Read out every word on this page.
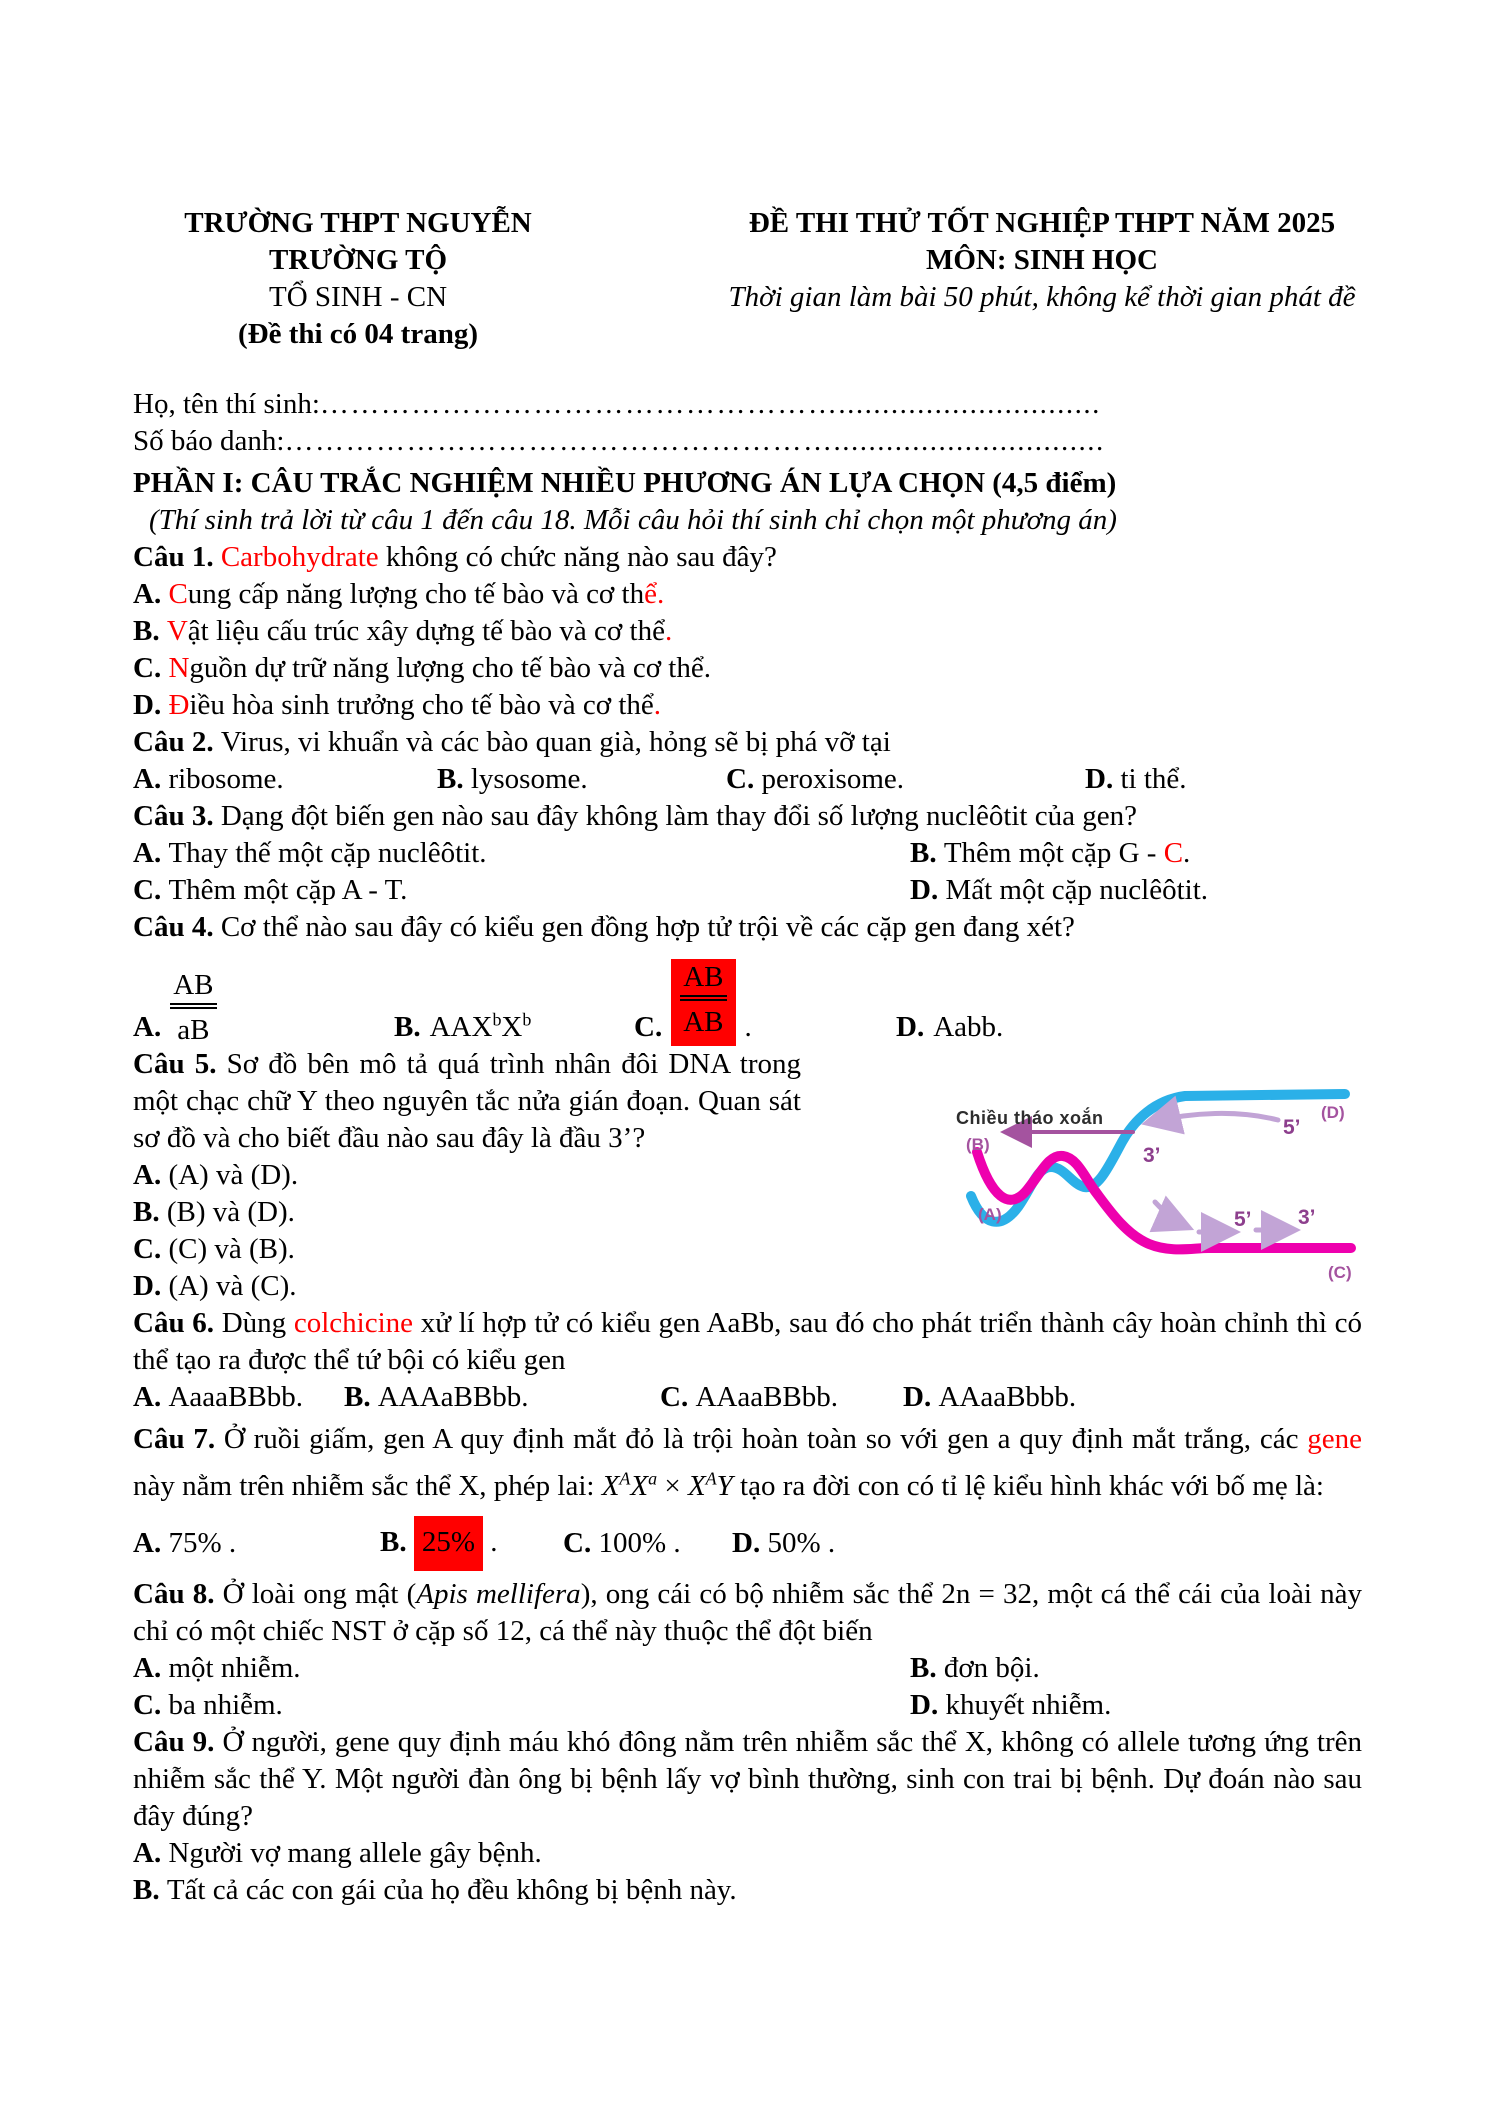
TRƯỜNG THPT NGUYỄN TRƯỜNG TỘ

TỔ SINH - CN

(Đề thi có 04 trang)

ĐỀ THI THỬ TỐT NGHIỆP THPT NĂM 2025

MÔN: SINH HỌC

Thời gian làm bài 50 phút, không kể thời gian phát đề

Họ, tên thí sinh:……………………………………………..............................

Số báo danh:………………………………………………...............................

PHẦN I: CÂU TRẮC NGHIỆM NHIỀU PHƯƠNG ÁN LỰA CHỌN (4,5 điểm)

(Thí sinh trả lời từ câu 1 đến câu 18. Mỗi câu hỏi thí sinh chỉ chọn một phương án)

Câu 1. Carbohydrate không có chức năng nào sau đây?

A. Cung cấp năng lượng cho tế bào và cơ thể.

B. Vật liệu cấu trúc xây dựng tế bào và cơ thể.

C. Nguồn dự trữ năng lượng cho tế bào và cơ thể.

D. Điều hòa sinh trưởng cho tế bào và cơ thể.

Câu 2. Virus, vi khuẩn và các bào quan già, hỏng sẽ bị phá vỡ tại

A. ribosome.	B. lysosome.	C. peroxisome.	D. ti thể.

Câu 3. Dạng đột biến gen nào sau đây không làm thay đổi số lượng nuclêôtit của gen?

A. Thay thế một cặp nuclêôtit.	B. Thêm một cặp G - C.
C. Thêm một cặp A - T.	D. Mất một cặp nuclêôtit.

Câu 4. Cơ thể nào sau đây có kiểu gen đồng hợp tử trội về các cặp gen đang xét?

A. $\frac{AB}{aB}$	B. $AAX^bX^b$	C. $\frac{AB}{AB}$ .	D. Aabb.

Câu 5. Sơ đồ bên mô tả quá trình nhân đôi DNA trong một chạc chữ Y theo nguyên tắc nửa gián đoạn. Quan sát sơ đồ và cho biết đầu nào sau đây là đầu 3’?

A. (A) và (D).

B. (B) và (D).

C. (C) và (B).

D. (A) và (C).

Chiều tháo xoắn
(B)
(A)
(D)
(C)
5’
3’
5’ 3’

Câu 6. Dùng colchicine xử lí hợp tử có kiểu gen AaBb, sau đó cho phát triển thành cây hoàn chỉnh thì có thể tạo ra được thể tứ bội có kiểu gen

A. AaaaBBbb.	B. AAAaBBbb.	C. AAaaBBbb.	D. AAaaBbbb.

Câu 7. Ở ruồi giấm, gen A quy định mắt đỏ là trội hoàn toàn so với gen a quy định mắt trắng, các gene này nằm trên nhiễm sắc thể X, phép lai: $X^AX^a \times X^AY$ tạo ra đời con có tỉ lệ kiểu hình khác với bố mẹ là:

A. 75% .	B. 25% .	C. 100% .	D. 50% .

Câu 8. Ở loài ong mật (Apis mellifera), ong cái có bộ nhiễm sắc thể 2n = 32, một cá thể cái của loài này chỉ có một chiếc NST ở cặp số 12, cá thể này thuộc thể đột biến

A. một nhiễm.	B. đơn bội.
C. ba nhiễm.	D. khuyết nhiễm.

Câu 9. Ở người, gene quy định máu khó đông nằm trên nhiễm sắc thể X, không có allele tương ứng trên nhiễm sắc thể Y. Một người đàn ông bị bệnh lấy vợ bình thường, sinh con trai bị bệnh. Dự đoán nào sau đây đúng?

A. Người vợ mang allele gây bệnh.

B. Tất cả các con gái của họ đều không bị bệnh này.
